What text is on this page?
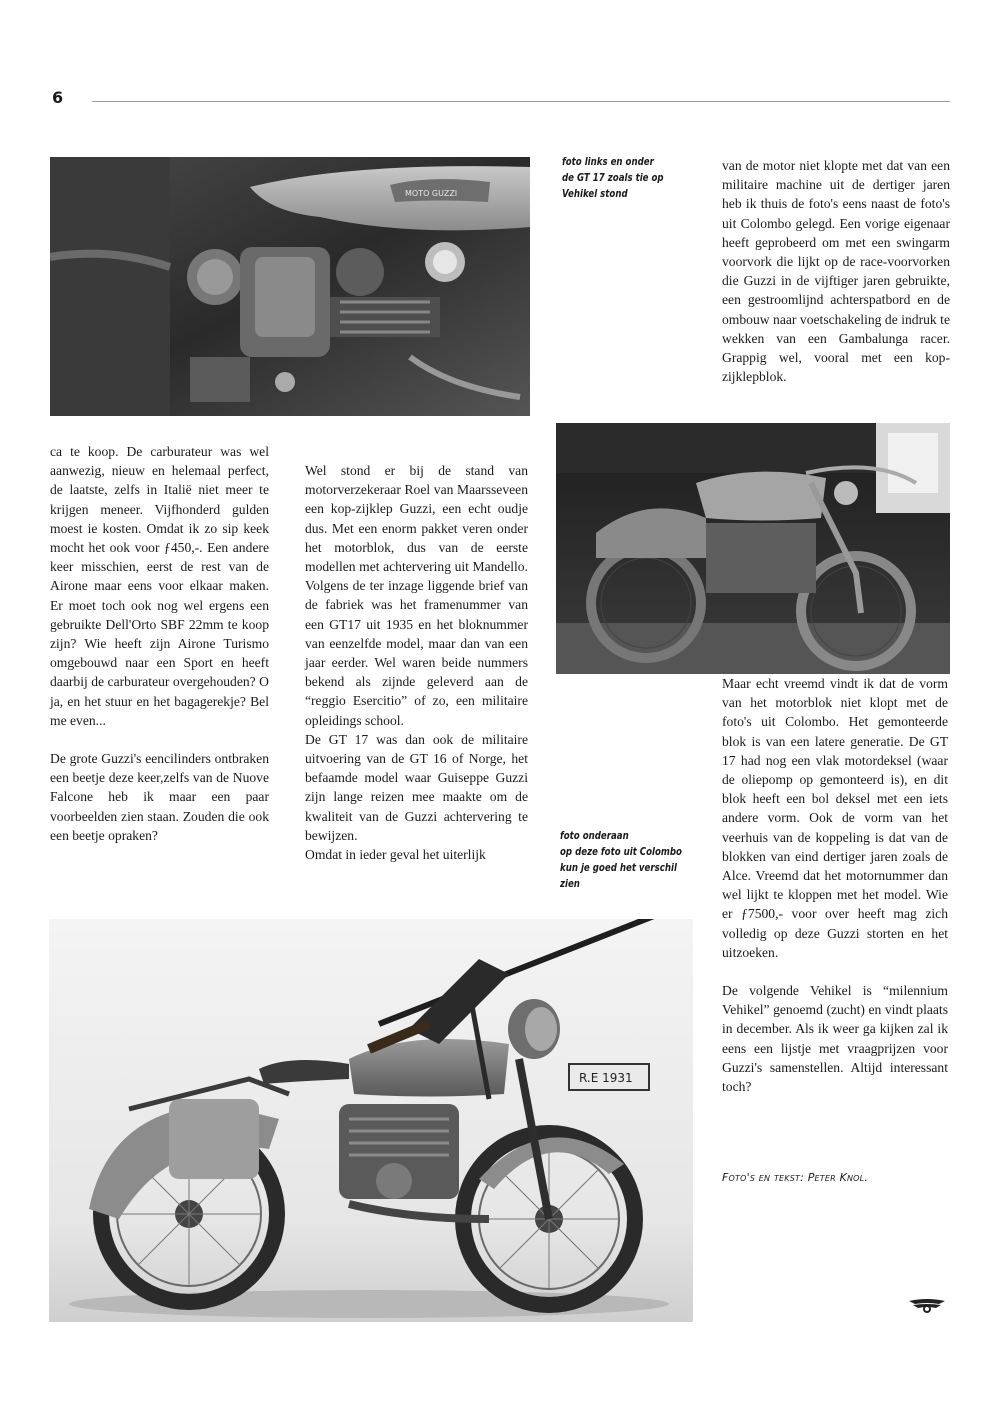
6
MOTO GUZZI
foto links en onder
de GT 17 zoals tie op
Vehikel stond

van de motor niet klopte met dat van een militaire machine uit de dertiger jaren heb ik thuis de foto's eens naast de foto's uit Colombo gelegd. Een vorige eigenaar heeft geprobeerd om met een swingarm voorvork die lijkt op de race-voorvorken die Guzzi in de vijftiger jaren gebruikte, een gestroomlijnd achterspatbord en de ombouw naar voetschakeling de indruk te wekken van een Gambalunga racer. Grappig wel, vooral met een kop-zijklepblok.

ca te koop. De carburateur was wel aanwezig, nieuw en helemaal perfect, de laatste, zelfs in Italië niet meer te krijgen meneer. Vijfhonderd gulden moest ie kosten. Omdat ik zo sip keek mocht het ook voor ƒ450,-. Een andere keer misschien, eerst de rest van de Airone maar eens voor elkaar maken. Er moet toch ook nog wel ergens een gebruikte Dell'Orto SBF 22mm te koop zijn? Wie heeft zijn Airone Turismo omgebouwd naar een Sport en heeft daarbij de carburateur overgehouden? O ja, en het stuur en het bagagerekje? Bel me even...

De grote Guzzi's eencilinders ontbraken een beetje deze keer,zelfs van de Nuove Falcone heb ik maar een paar voorbeelden zien staan. Zouden die ook een beetje opraken?

Wel stond er bij de stand van motorverzekeraar Roel van Maarsseveen een kop-zijklep Guzzi, een echt oudje dus. Met een enorm pakket veren onder het motorblok, dus van de eerste modellen met achtervering uit Mandello. Volgens de ter inzage liggende brief van de fabriek was het framenummer van een GT17 uit 1935 en het bloknummer van eenzelfde model, maar dan van een jaar eerder. Wel waren beide nummers bekend als zijnde geleverd aan de “reggio Esercitio” of zo, een militaire opleidings school.

De GT 17 was dan ook de militaire uitvoering van de GT 16 of Norge, het befaamde model waar Guiseppe Guzzi zijn lange reizen mee maakte om de kwaliteit van de Guzzi achtervering te bewijzen.

Omdat in ieder geval het uiterlijk

foto onderaan
op deze foto uit Colombo
kun je goed het verschil
zien

Maar echt vreemd vindt ik dat de vorm van het motorblok niet klopt met de foto's uit Colombo. Het gemonteerde blok is van een latere generatie. De GT 17 had nog een vlak motordeksel (waar de oliepomp op gemonteerd is), en dit blok heeft een bol deksel met een iets andere vorm. Ook de vorm van het veerhuis van de koppeling is dat van de blokken van eind dertiger jaren zoals de Alce. Vreemd dat het motornummer dan wel lijkt te kloppen met het model. Wie er ƒ7500,- voor over heeft mag zich volledig op deze Guzzi storten en het uitzoeken.

De volgende Vehikel is “milennium Vehikel” genoemd (zucht) en vindt plaats in december. Als ik weer ga kijken zal ik eens een lijstje met vraagprijzen voor Guzzi's samenstellen. Altijd interessant toch?

Foto's en tekst: Peter Knol.
R.E 1931
